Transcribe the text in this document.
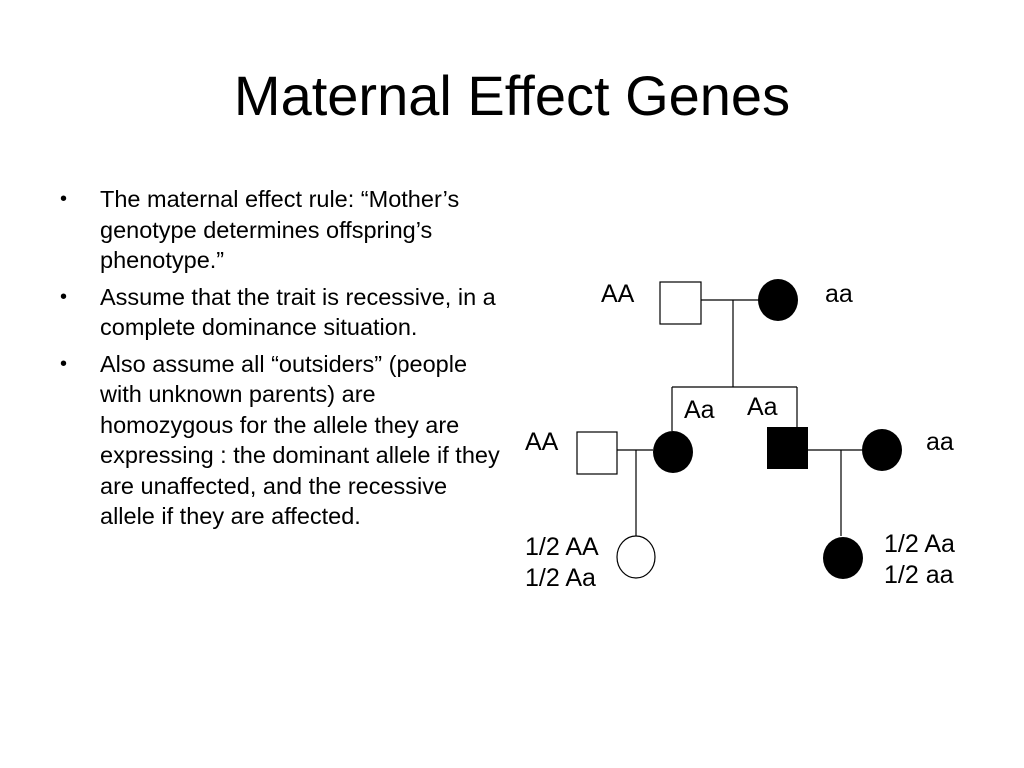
Maternal Effect Genes
• The maternal effect rule: “Mother’s genotype determines offspring’s phenotype.”
• Assume that the trait is recessive, in a complete dominance situation.
• Also assume all “outsiders” (people with unknown parents) are homozygous for the allele they are expressing : the dominant allele if they are unaffected, and the recessive allele if they are affected.
AA	aa
Aa Aa
AA	aa
1/2 AA
1/2 Aa
1/2 Aa
1/2 aa
